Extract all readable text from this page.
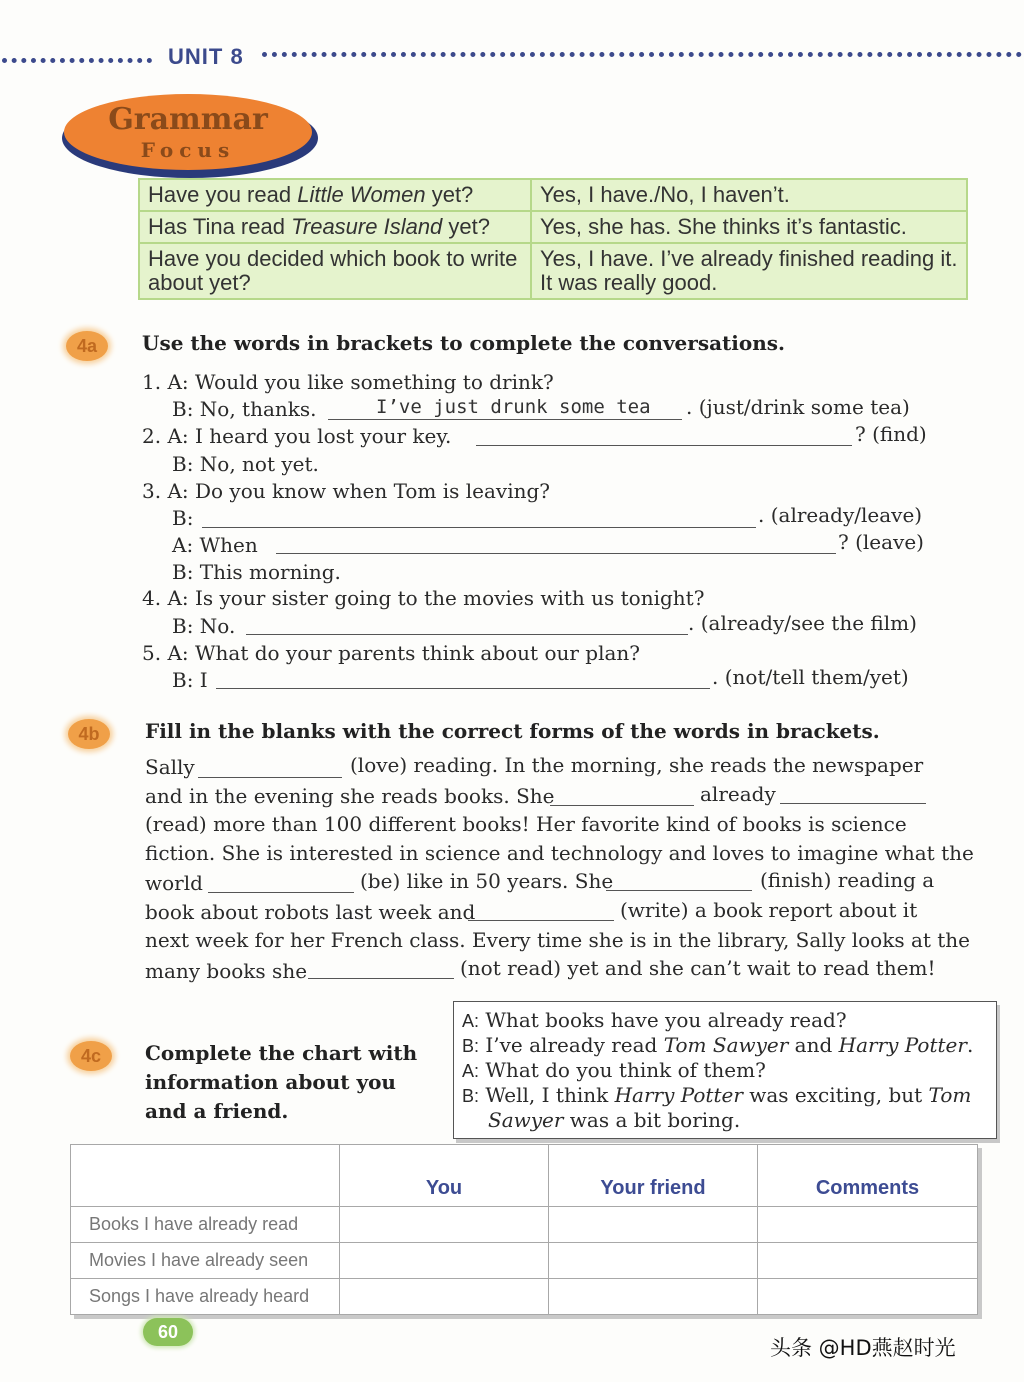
UNIT 8
Grammar
Focus
Have you read Little Women yet?	Yes, I have./No, I haven’t.
Has Tina read Treasure Island yet?	Yes, she has. She thinks it’s fantastic.
Have you decided which book to write about yet?	Yes, I have. I’ve already finished reading it. It was really good.
4a	Use the words in brackets to complete the conversations.
1. A: Would you like something to drink?
B: No, thanks.	I’ve just drunk some tea . (just/drink some tea)
2. A: I heard you lost your key.	? (find)
B: No, not yet.
3. A: Do you know when Tom is leaving?
B:	. (already/leave)
A: When	? (leave)
B: This morning.
4. A: Is your sister going to the movies with us tonight?
B: No.	. (already/see the film)
5. A: What do your parents think about our plan?
B: I	. (not/tell them/yet)
4b	Fill in the blanks with the correct forms of the words in brackets.
Sally	(love) reading. In the morning, she reads the newspaper
and in the evening she reads books. She	already
(read) more than 100 different books! Her favorite kind of books is science
fiction. She is interested in science and technology and loves to imagine what the
world	(be) like in 50 years. She	(finish) reading a
book about robots last week and	(write) a book report about it
next week for her French class. Every time she is in the library, Sally looks at the
many books she	(not read) yet and she can’t wait to read them!
4c	Complete the chart with
information about you
and a friend.
A: What books have you already read?
B: I’ve already read Tom Sawyer and Harry Potter.
A: What do you think of them?
B: Well, I think Harry Potter was exciting, but Tom
Sawyer was a bit boring.
	You	Your friend	Comments
Books I have already read			
Movies I have already seen			
Songs I have already heard			
60
头条 @HD燕赵时光
